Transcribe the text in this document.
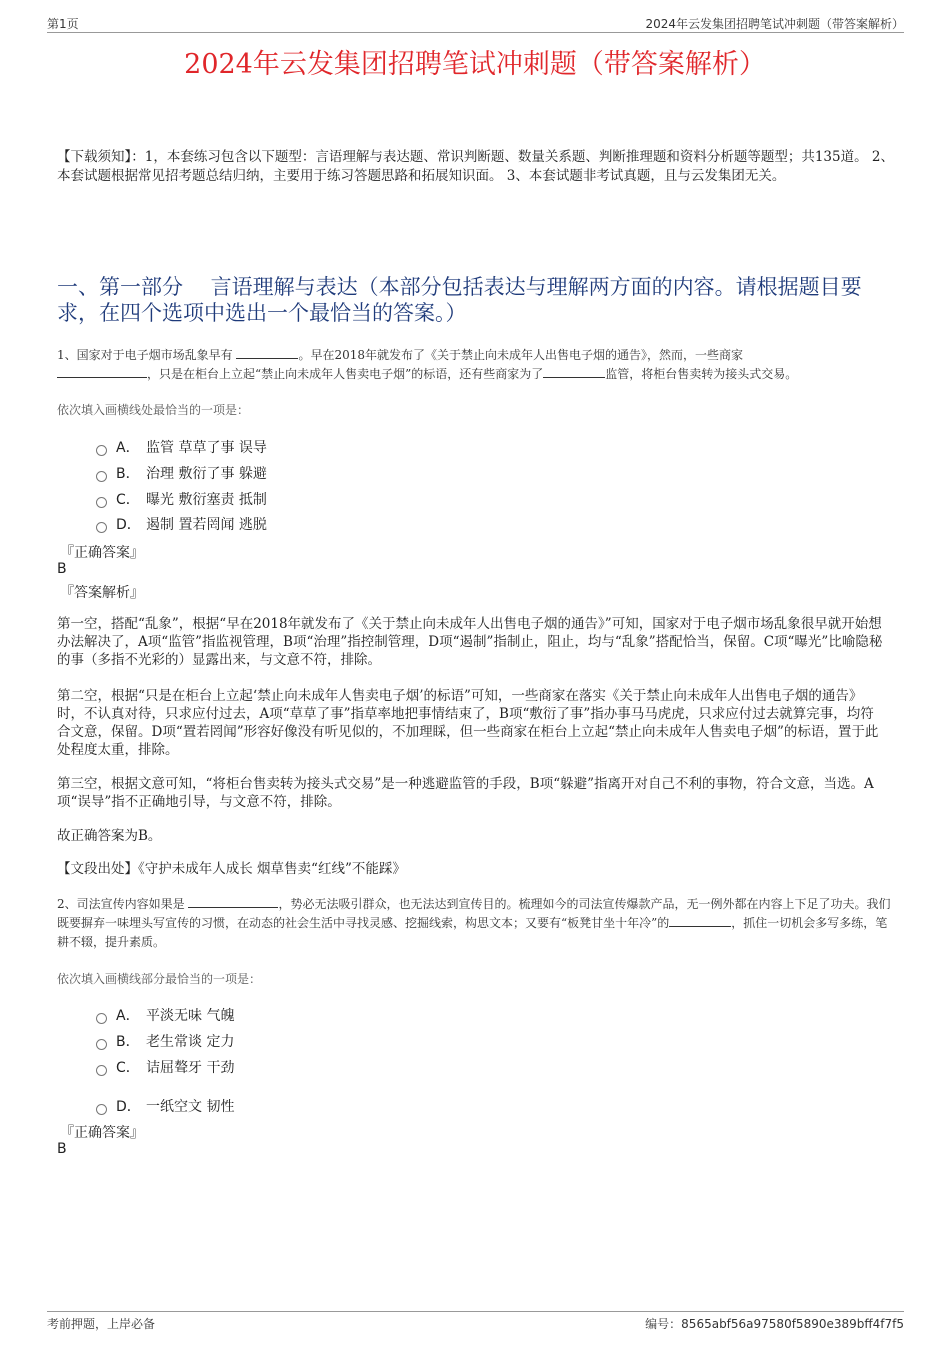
第1页	2024年云发集团招聘笔试冲刺题（带答案解析）
2024年云发集团招聘笔试冲刺题（带答案解析）
【下载须知】：1，本套练习包含以下题型：言语理解与表达题、常识判断题、数量关系题、判断推理题和资料分析题等题型；共135道。 2、本套试题根据常见招考题总结归纳，主要用于练习答题思路和拓展知识面。 3、本套试题非考试真题，且与云发集团无关。
一、第一部分　 言语理解与表达（本部分包括表达与理解两方面的内容。请根据题目要求，在四个选项中选出一个最恰当的答案。）
1、国家对于电子烟市场乱象早有	。早在2018年就发布了《关于禁止向未成年人出售电子烟的通告》，然而，一些商家
，只是在柜台上立起“禁止向未成年人售卖电子烟”的标语，还有些商家为了	监管，将柜台售卖转为接头式交易。
依次填入画横线处最恰当的一项是：
A． 监管 草草了事 误导
B． 治理 敷衍了事 躲避
C． 曝光 敷衍塞责 抵制
D． 遏制 置若罔闻 逃脱
『正确答案』
B
『答案解析』
第一空，搭配“乱象”，根据“早在2018年就发布了《关于禁止向未成年人出售电子烟的通告》”可知，国家对于电子烟市场乱象很早就开始想办法解决了，A项“监管”指监视管理，B项“治理”指控制管理，D项“遏制”指制止，阻止，均与“乱象”搭配恰当，保留。C项“曝光”比喻隐秘的事（多指不光彩的）显露出来，与文意不符，排除。
第二空，根据“只是在柜台上立起‘禁止向未成年人售卖电子烟’的标语”可知，一些商家在落实《关于禁止向未成年人出售电子烟的通告》时，不认真对待，只求应付过去，A项“草草了事”指草率地把事情结束了，B项“敷衍了事”指办事马马虎虎，只求应付过去就算完事，均符合文意，保留。D项“置若罔闻”形容好像没有听见似的，不加理睬，但一些商家在柜台上立起“禁止向未成年人售卖电子烟”的标语，置于此处程度太重，排除。
第三空，根据文意可知，“将柜台售卖转为接头式交易”是一种逃避监管的手段，B项“躲避”指离开对自己不利的事物，符合文意，当选。A项“误导”指不正确地引导，与文意不符，排除。
故正确答案为B。
【文段出处】《守护未成年人成长 烟草售卖“红线”不能踩》
2、司法宣传内容如果是	，势必无法吸引群众，也无法达到宣传目的。梳理如今的司法宣传爆款产品，无一例外都在内容上下足了功夫。我们既要摒弃一味埋头写宣传的习惯，在动态的社会生活中寻找灵感、挖掘线索，构思文本；又要有“板凳甘坐十年冷”的	，抓住一切机会多写多练，笔耕不辍，提升素质。
依次填入画横线部分最恰当的一项是：
A． 平淡无味 气魄
B． 老生常谈 定力
C． 诘屈聱牙 干劲
D． 一纸空文 韧性
『正确答案』
B
考前押题，上岸必备	编号：8565abf56a97580f5890e389bff4f7f5
